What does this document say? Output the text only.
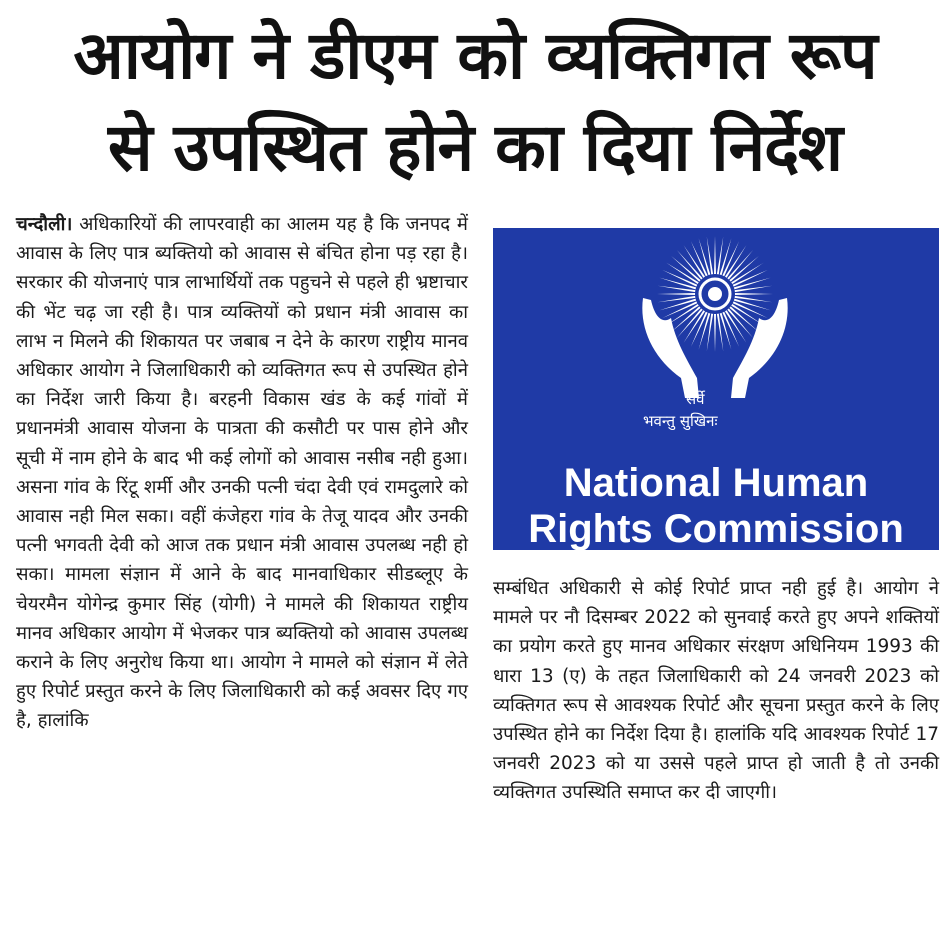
आयोग ने डीएम को व्यक्तिगत रूप
से उपस्थित होने का दिया निर्देश
चन्दौली। अधिकारियों की लापरवाही का आलम यह है कि जनपद में आवास के लिए पात्र ब्यक्तियो को आवास से बंचित होना पड़ रहा है। सरकार की योजनाएं पात्र लाभार्थियों तक पहुचने से पहले ही भ्रष्टाचार की भेंट चढ़ जा रही है। पात्र व्यक्तियों को प्रधान मंत्री आवास का लाभ न मिलने की शिकायत पर जबाब न देने के कारण राष्ट्रीय मानव अधिकार आयोग ने जिलाधिकारी को व्यक्तिगत रूप से उपस्थित होने का निर्देश जारी किया है। बरहनी विकास खंड के कई गांवों में प्रधानमंत्री आवास योजना के पात्रता की कसौटी पर पास होने और सूची में नाम होने के बाद भी कई लोगों को आवास नसीब नही हुआ। असना गांव के रिंटू शर्मी और उनकी पत्नी चंदा देवी एवं रामदुलारे को आवास नही मिल सका। वहीं कंजेहरा गांव के तेजू यादव और उनकी पत्नी भगवती देवी को आज तक प्रधान मंत्री आवास उपलब्ध नही हो सका। मामला संज्ञान में आने के बाद मानवाधिकार सीडब्लूए के चेयरमैन योगेन्द्र कुमार सिंह (योगी) ने मामले की शिकायत राष्ट्रीय मानव अधिकार आयोग में भेजकर पात्र ब्यक्तियो को आवास उपलब्ध कराने के लिए अनुरोध किया था। आयोग ने मामले को संज्ञान में लेते हुए रिपोर्ट प्रस्तुत करने के लिए जिलाधिकारी को कई अवसर दिए गए है, हालांकि
सर्वे
भवन्तु सुखिनः
National Human
Rights Commission
सम्बंधित अधिकारी से कोई रिपोर्ट प्राप्त नही हुई है। आयोग ने मामले पर नौ दिसम्बर 2022 को सुनवाई करते हुए अपने शक्तियों का प्रयोग करते हुए मानव अधिकार संरक्षण अधिनियम 1993 की धारा 13 (ए) के तहत जिलाधिकारी को 24 जनवरी 2023 को व्यक्तिगत रूप से आवश्यक रिपोर्ट और सूचना प्रस्तुत करने के लिए उपस्थित होने का निर्देश दिया है। हालांकि यदि आवश्यक रिपोर्ट 17 जनवरी 2023 को या उससे पहले प्राप्त हो जाती है तो उनकी व्यक्तिगत उपस्थिति समाप्त कर दी जाएगी।
